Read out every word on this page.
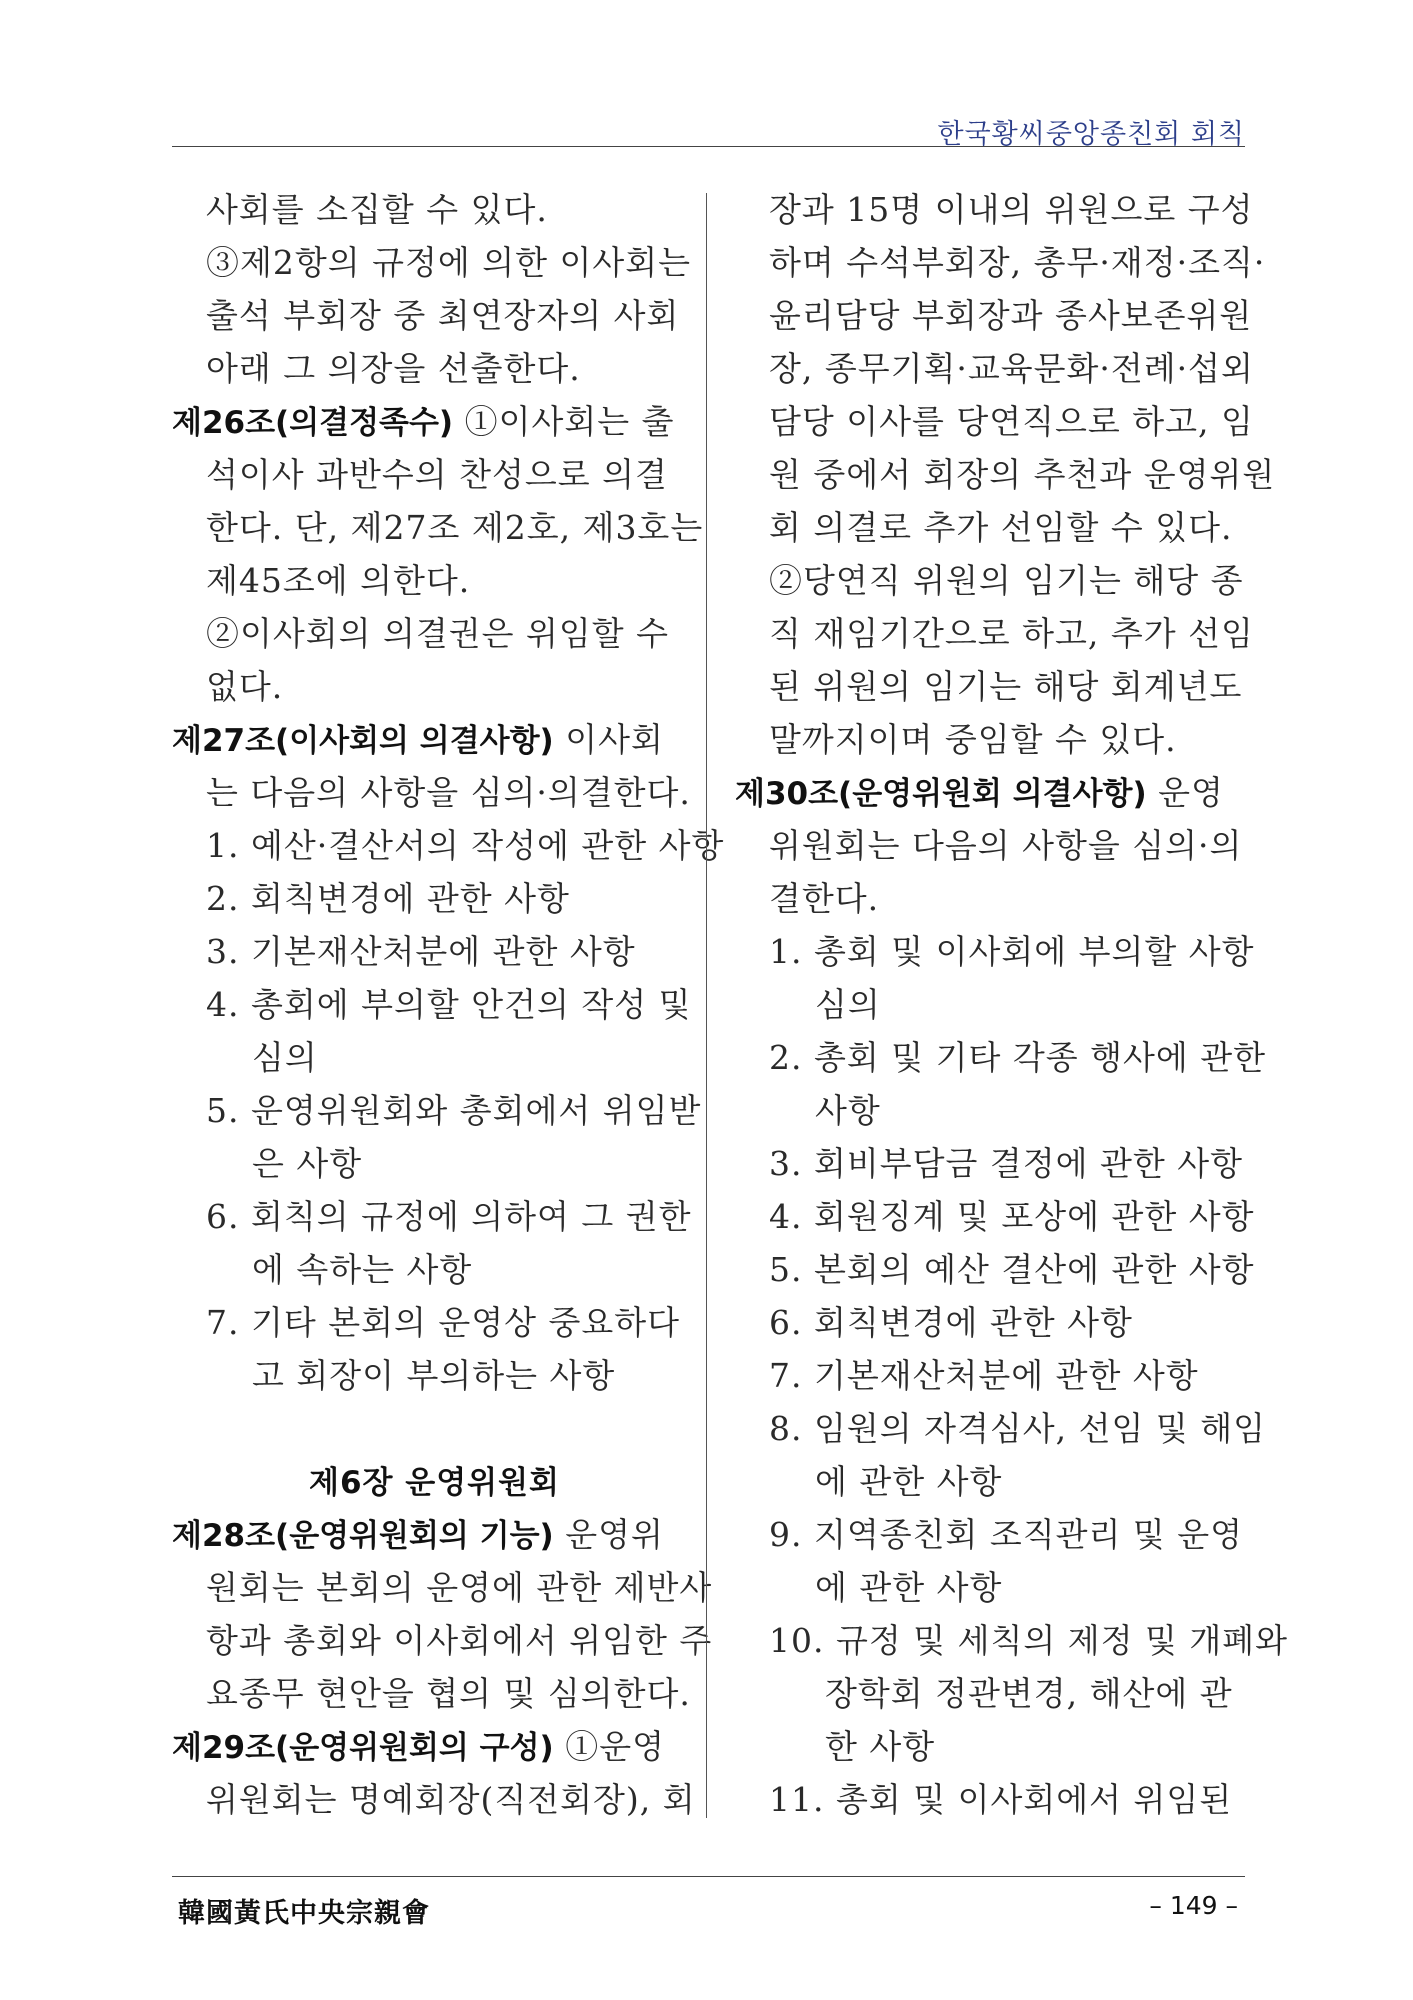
한국황씨중앙종친회 회칙
사회를 소집할 수 있다.
③제2항의 규정에 의한 이사회는
출석 부회장 중 최연장자의 사회
아래 그 의장을 선출한다.
제26조(의결정족수) ①이사회는 출
석이사 과반수의 찬성으로 의결
한다. 단, 제27조 제2호, 제3호는
제45조에 의한다.
②이사회의 의결권은 위임할 수
없다.
제27조(이사회의 의결사항) 이사회
는 다음의 사항을 심의·의결한다.
1. 예산·결산서의 작성에 관한 사항
2. 회칙변경에 관한 사항
3. 기본재산처분에 관한 사항
4. 총회에 부의할 안건의 작성 및
심의
5. 운영위원회와 총회에서 위임받
은 사항
6. 회칙의 규정에 의하여 그 권한
에 속하는 사항
7. 기타 본회의 운영상 중요하다
고 회장이 부의하는 사항
제6장 운영위원회
제28조(운영위원회의 기능) 운영위
원회는 본회의 운영에 관한 제반사
항과 총회와 이사회에서 위임한 주
요종무 현안을 협의 및 심의한다.
제29조(운영위원회의 구성) ①운영
위원회는 명예회장(직전회장), 회
장과 15명 이내의 위원으로 구성
하며 수석부회장, 총무·재정·조직·
윤리담당 부회장과 종사보존위원
장, 종무기획·교육문화·전례·섭외
담당 이사를 당연직으로 하고, 임
원 중에서 회장의 추천과 운영위원
회 의결로 추가 선임할 수 있다.
②당연직 위원의 임기는 해당 종
직 재임기간으로 하고, 추가 선임
된 위원의 임기는 해당 회계년도
말까지이며 중임할 수 있다.
제30조(운영위원회 의결사항) 운영
위원회는 다음의 사항을 심의·의
결한다.
1. 총회 및 이사회에 부의할 사항
심의
2. 총회 및 기타 각종 행사에 관한
사항
3. 회비부담금 결정에 관한 사항
4. 회원징계 및 포상에 관한 사항
5. 본회의 예산 결산에 관한 사항
6. 회칙변경에 관한 사항
7. 기본재산처분에 관한 사항
8. 임원의 자격심사, 선임 및 해임
에 관한 사항
9. 지역종친회 조직관리 및 운영
에 관한 사항
10. 규정 및 세칙의 제정 및 개폐와
장학회 정관변경, 해산에 관
한 사항
11. 총회 및 이사회에서 위임된
韓國黃氏中央宗親會	– 149 –
